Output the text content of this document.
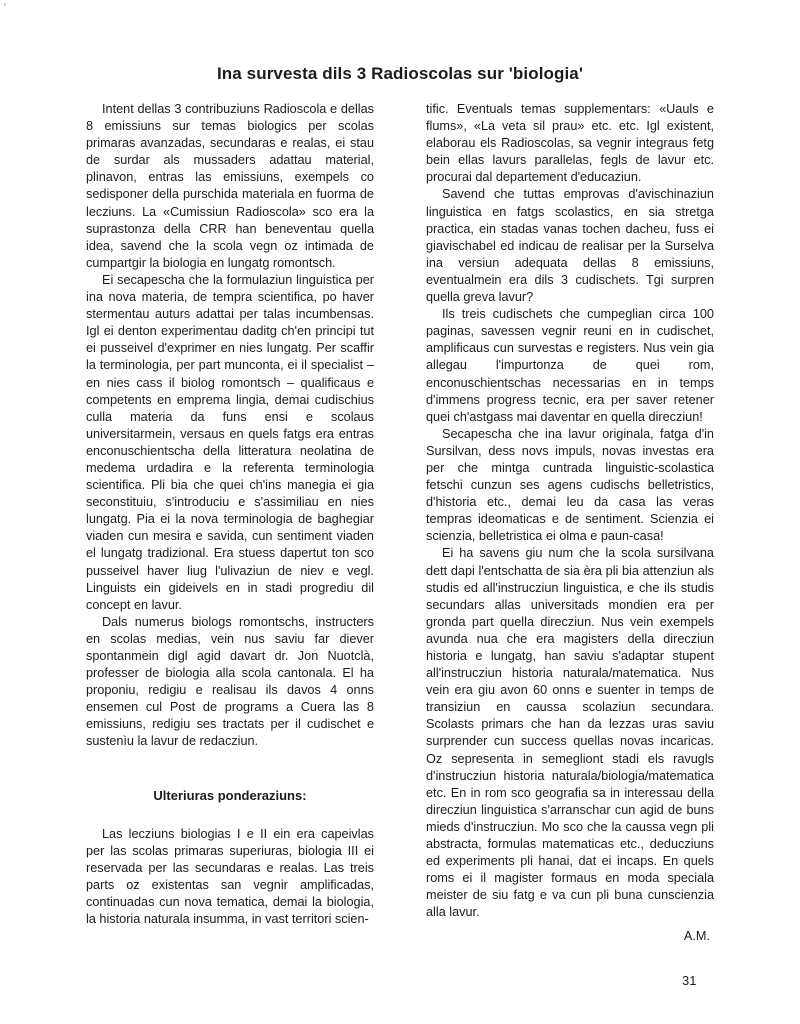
'
Ina survesta dils 3 Radioscolas sur 'biologia'

Intent dellas 3 contribuziuns Radioscola e dellas 8 emissiuns sur temas biologics per scolas primaras avanzadas, secundaras e realas, ei stau de surdar als mussaders adattau material, plinavon, entras las emissiuns, exempels co sedisponer della purschida materiala en fuorma de lecziuns. La «Cumissiun Radioscola» sco era la suprastonza della CRR han beneventau quella idea, savend che la scola vegn oz intimada de cumpartgir la biologia en lungatg romontsch.

Ei secapescha che la formulaziun linguistica per ina nova materia, de tempra scientifica, po haver stermentau auturs adattai per talas incumbensas. Igl ei denton experimentau daditg ch'en principi tut ei pusseivel d'exprimer en nies lungatg. Per scaffir la terminologia, per part munconta, ei il specialist – en nies cass il biolog romontsch – qualificaus e competents en emprema lingia, demai cudischius culla materia da funs ensi e scolaus universitarmein, versaus en quels fatgs era entras enconuschientscha della litteratura neolatina de medema urdadira e la referenta terminologia scientifica. Pli bia che quei ch'ins manegia ei gia seconstituiu, s'introduciu e s'assimiliau en nies lungatg. Pia ei la nova terminologia de baghegiar viaden cun mesira e savida, cun sentiment viaden el lungatg tradizional. Era stuess dapertut ton sco pusseivel haver liug l'ulivaziun de niev e vegl. Linguists ein gideivels en in stadi progrediu dil concept en lavur.

Dals numerus biologs romontschs, instructers en scolas medias, vein nus saviu far diever spontanmein digl agid davart dr. Jon Nuotclà, professer de biologia alla scola cantonala. El ha proponiu, redigiu e realisau ils davos 4 onns ensemen cul Post de programs a Cuera las 8 emissiuns, redigiu ses tractats per il cudischet e sustenìu la lavur de redacziun.

Ulteriuras ponderaziuns:

Las lecziuns biologias I e II ein era capeivlas per las scolas primaras superiuras, biologia III ei reservada per las secundaras e realas. Las treis parts oz existentas san vegnir amplificadas, continuadas cun nova tematica, demai la biologia, la historia naturala insumma, in vast territori scien-

tific. Eventuals temas supplementars: «Uauls e flums», «La veta sil prau» etc. etc. Igl existent, elaborau els Radioscolas, sa vegnir integraus fetg bein ellas lavurs parallelas, fegls de lavur etc. procurai dal departement d'educaziun.

Savend che tuttas emprovas d'avischinaziun linguistica en fatgs scolastics, en sia stretga practica, ein stadas vanas tochen dacheu, fuss ei giavischabel ed indicau de realisar per la Surselva ina versiun adequata dellas 8 emissiuns, eventualmein era dils 3 cudischets. Tgi surpren quella greva lavur?

Ils treis cudischets che cumpeglian circa 100 paginas, savessen vegnir reuni en in cudischet, amplificaus cun survestas e registers. Nus vein gia allegau l'impurtonza de quei rom, enconuschientschas necessarias en in temps d'immens progress tecnic, era per saver retener quei ch'astgass mai daventar en quella direcziun!

Secapescha che ina lavur originala, fatga d'in Sursilvan, dess novs impuls, novas investas era per che mintga cuntrada linguistic-scolastica fetschi cunzun ses agens cudischs belletristics, d'historia etc., demai leu da casa las veras tempras ideomaticas e de sentiment. Scienzia ei scienzia, belletristica ei olma e paun-casa!

Ei ha savens giu num che la scola sursilvana dett dapi l'entschatta de sia èra pli bia attenziun als studis ed all'instrucziun linguistica, e che ils studis secundars allas universitads mondien era per gronda part quella direcziun. Nus vein exempels avunda nua che era magisters della direcziun historia e lungatg, han saviu s'adaptar stupent all'instrucziun historia naturala/matematica. Nus vein era giu avon 60 onns e suenter in temps de transiziun en caussa scolaziun secundara. Scolasts primars che han da lezzas uras saviu surprender cun success quellas novas incaricas. Oz sepresenta in semegliont stadi els ravugls d'instrucziun historia naturala/biologia/matematica etc. En in rom sco geografia sa in interessau della direcziun linguistica s'arranschar cun agid de buns mieds d'instrucziun. Mo sco che la caussa vegn pli abstracta, formulas matematicas etc., deducziuns ed experiments pli hanai, dat ei incaps. En quels roms ei il magister formaus en moda speciala meister de siu fatg e va cun pli buna cunscienzia alla lavur.

A.M.

31
